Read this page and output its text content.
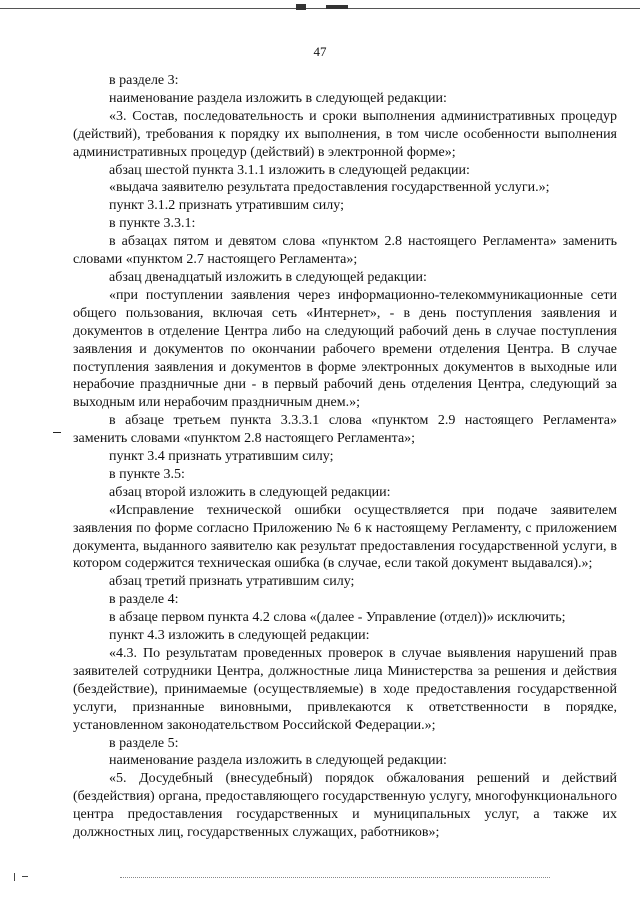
47

в разделе 3:

наименование раздела изложить в следующей редакции:

«3. Состав, последовательность и сроки выполнения административных процедур (действий), требования к порядку их выполнения, в том числе особенности выполнения административных процедур (действий) в электронной форме»;

абзац шестой пункта 3.1.1 изложить в следующей редакции:

«выдача заявителю результата предоставления государственной услуги.»;

пункт 3.1.2 признать утратившим силу;

в пункте 3.3.1:

в абзацах пятом и девятом слова «пунктом 2.8 настоящего Регламента» заменить словами «пунктом 2.7 настоящего Регламента»;

абзац двенадцатый изложить в следующей редакции:

«при поступлении заявления через информационно-телекоммуникационные сети общего пользования, включая сеть «Интернет», - в день поступления заявления и документов в отделение Центра либо на следующий рабочий день в случае поступления заявления и документов по окончании рабочего времени отделения Центра. В случае поступления заявления и документов в форме электронных документов в выходные или нерабочие праздничные дни - в первый рабочий день отделения Центра, следующий за выходным или нерабочим праздничным днем.»;

в абзаце третьем пункта 3.3.3.1 слова «пунктом 2.9 настоящего Регламента» заменить словами «пунктом 2.8 настоящего Регламента»;

пункт 3.4 признать утратившим силу;

в пункте 3.5:

абзац второй изложить в следующей редакции:

«Исправление технической ошибки осуществляется при подаче заявителем заявления по форме согласно Приложению № 6 к настоящему Регламенту, с приложением документа, выданного заявителю как результат предоставления государственной услуги, в котором содержится техническая ошибка (в случае, если такой документ выдавался).»;

абзац третий признать утратившим силу;

в разделе 4:

в абзаце первом пункта 4.2 слова «(далее - Управление (отдел))» исключить;

пункт 4.3 изложить в следующей редакции:

«4.3. По результатам проведенных проверок в случае выявления нарушений прав заявителей сотрудники Центра, должностные лица Министерства за решения и действия (бездействие), принимаемые (осуществляемые) в ходе предоставления государственной услуги, признанные виновными, привлекаются к ответственности в порядке, установленном законодательством Российской Федерации.»;

в разделе 5:

наименование раздела изложить в следующей редакции:

«5. Досудебный (внесудебный) порядок обжалования решений и действий (бездействия) органа, предоставляющего государственную услугу, многофункционального центра предоставления государственных и муниципальных услуг, а также их должностных лиц, государственных служащих, работников»;
